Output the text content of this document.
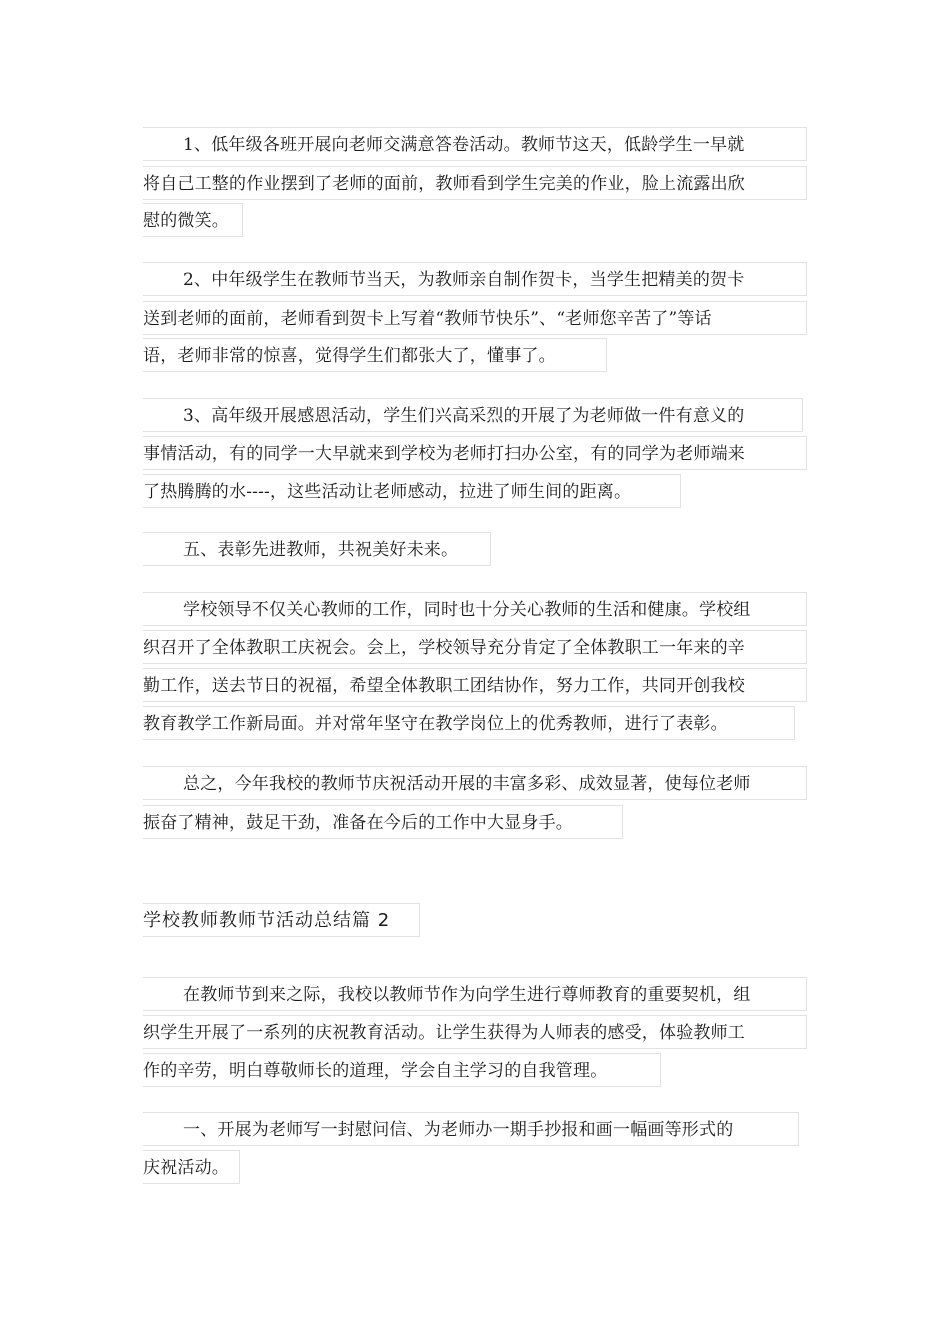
1、低年级各班开展向老师交满意答卷活动。教师节这天，低龄学生一早就
将自己工整的作业摆到了老师的面前，教师看到学生完美的作业，脸上流露出欣
慰的微笑。
2、中年级学生在教师节当天，为教师亲自制作贺卡，当学生把精美的贺卡
送到老师的面前，老师看到贺卡上写着“教师节快乐”、“老师您辛苦了”等话
语，老师非常的惊喜，觉得学生们都张大了，懂事了。
3、高年级开展感恩活动，学生们兴高采烈的开展了为老师做一件有意义的
事情活动，有的同学一大早就来到学校为老师打扫办公室，有的同学为老师端来
了热腾腾的水----，这些活动让老师感动，拉进了师生间的距离。
五、表彰先进教师，共祝美好未来。
学校领导不仅关心教师的工作，同时也十分关心教师的生活和健康。学校组
织召开了全体教职工庆祝会。会上，学校领导充分肯定了全体教职工一年来的辛
勤工作，送去节日的祝福，希望全体教职工团结协作，努力工作，共同开创我校
教育教学工作新局面。并对常年坚守在教学岗位上的优秀教师，进行了表彰。
总之，今年我校的教师节庆祝活动开展的丰富多彩、成效显著，使每位老师
振奋了精神，鼓足干劲，准备在今后的工作中大显身手。
学校教师教师节活动总结篇 2
在教师节到来之际，我校以教师节作为向学生进行尊师教育的重要契机，组
织学生开展了一系列的庆祝教育活动。让学生获得为人师表的感受，体验教师工
作的辛劳，明白尊敬师长的道理，学会自主学习的自我管理。
一、开展为老师写一封慰问信、为老师办一期手抄报和画一幅画等形式的
庆祝活动。
